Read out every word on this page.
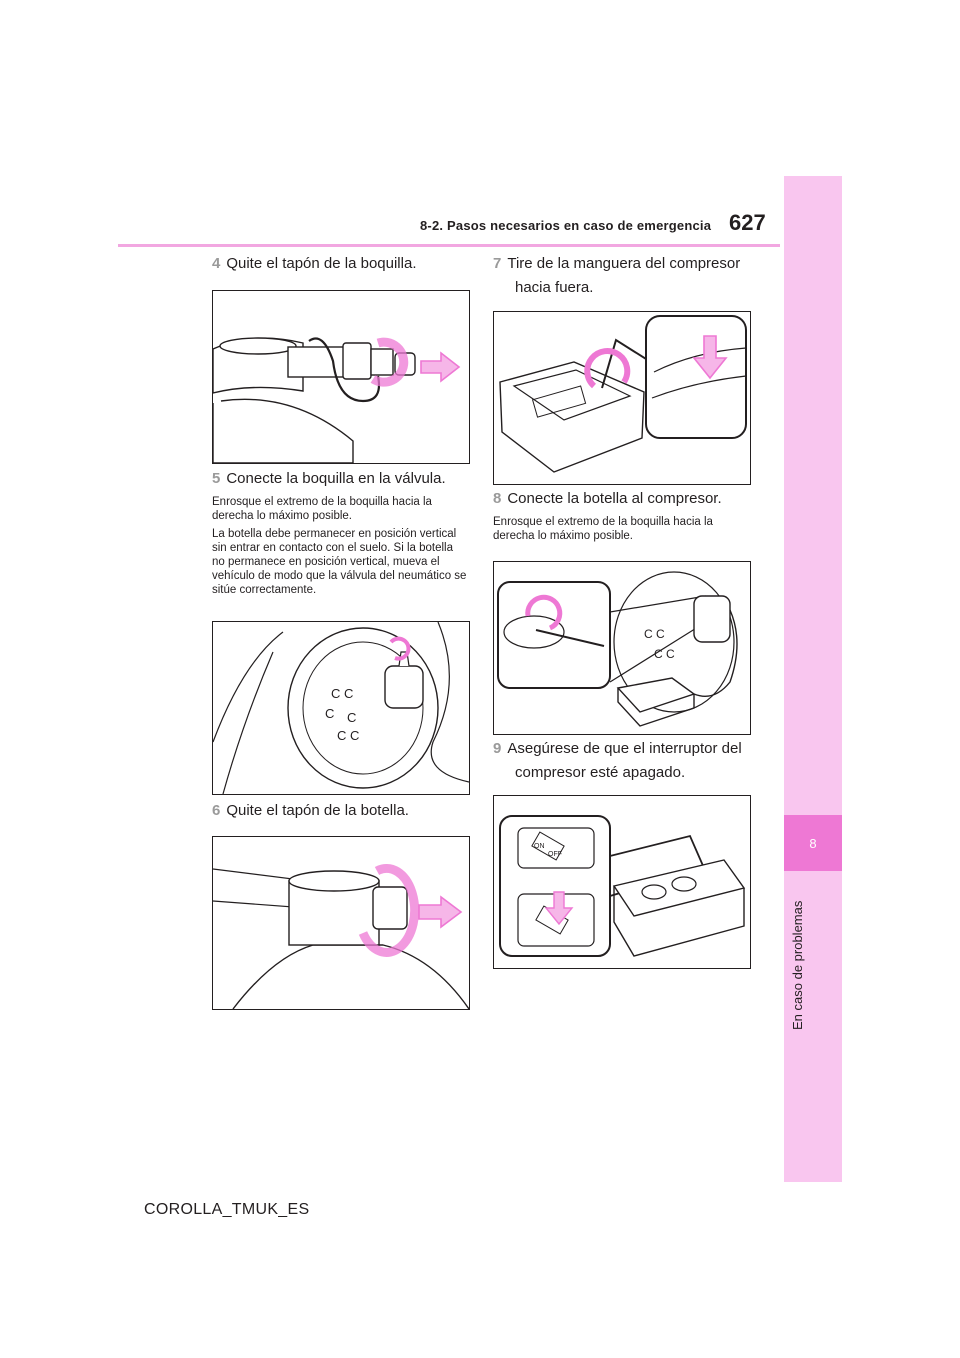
8-2. Pasos necesarios en caso de emergencia 627
8
En caso de problemas
4 Quite el tapón de la boquilla.
5 Conecte la boquilla en la válvula.

Enrosque el extremo de la boquilla hacia la derecha lo máximo posible.

La botella debe permanecer en posición vertical sin entrar en contacto con el suelo. Si la botella no permanece en posición vertical, mueva el vehículo de modo que la válvula del neumático se sitúe correctamente.

C C
C C
C C
6 Quite el tapón de la botella.
7 Tire de la manguera del compresor
hacia fuera.
8 Conecte la botella al compresor.

Enrosque el extremo de la boquilla hacia la derecha lo máximo posible.

C C
C C
9 Asegúrese de que el interruptor del
compresor esté apagado.
ON
OFF
COROLLA_TMUK_ES
